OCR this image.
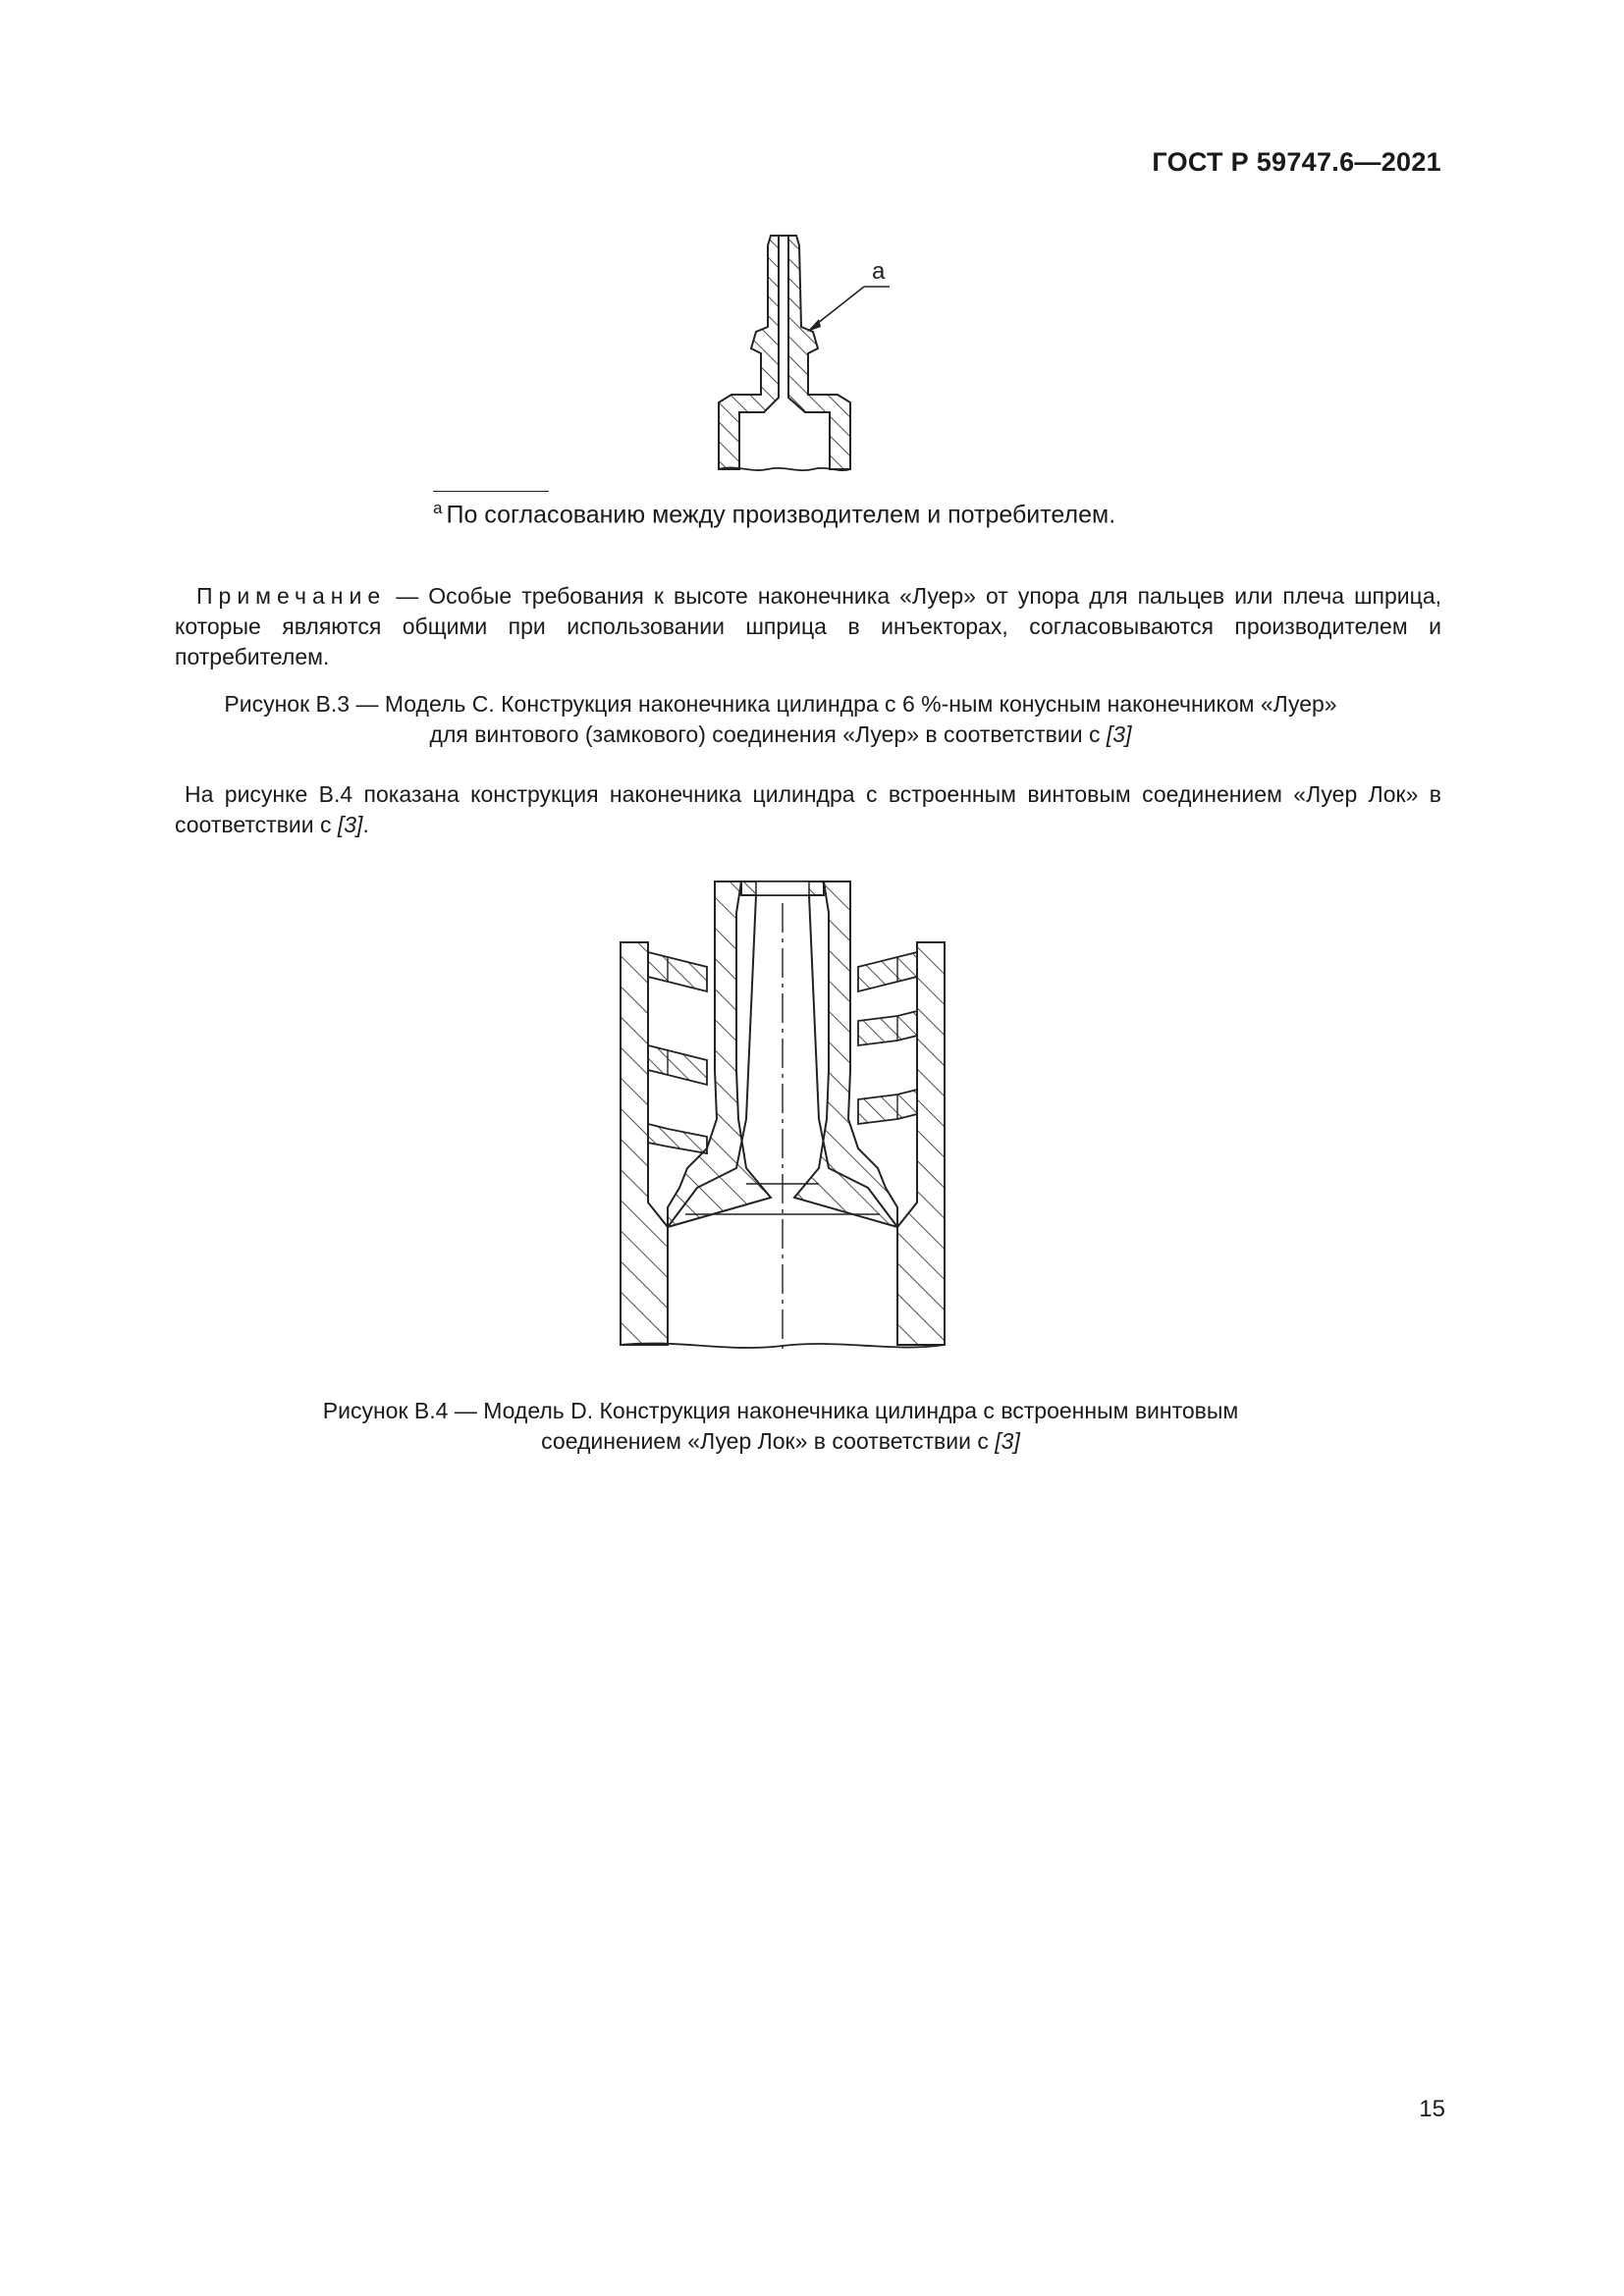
ГОСТ Р 59747.6—2021
a
$^a$ По согласованию между производителем и потребителем.
Примечание — Особые требования к высоте наконечника «Луер» от упора для пальцев или плеча шприца, которые являются общими при использовании шприца в инъекторах, согласовываются производителем и потребителем.
Рисунок В.3 — Модель С. Конструкция наконечника цилиндра с 6 %-ным конусным наконечником «Луер»
для винтового (замкового) соединения «Луер» в соответствии с [3]
На рисунке В.4 показана конструкция наконечника цилиндра с встроенным винтовым соединением «Луер Лок» в соответствии с [3].
Рисунок В.4 — Модель D. Конструкция наконечника цилиндра с встроенным винтовым
соединением «Луер Лок» в соответствии с [3]
15
